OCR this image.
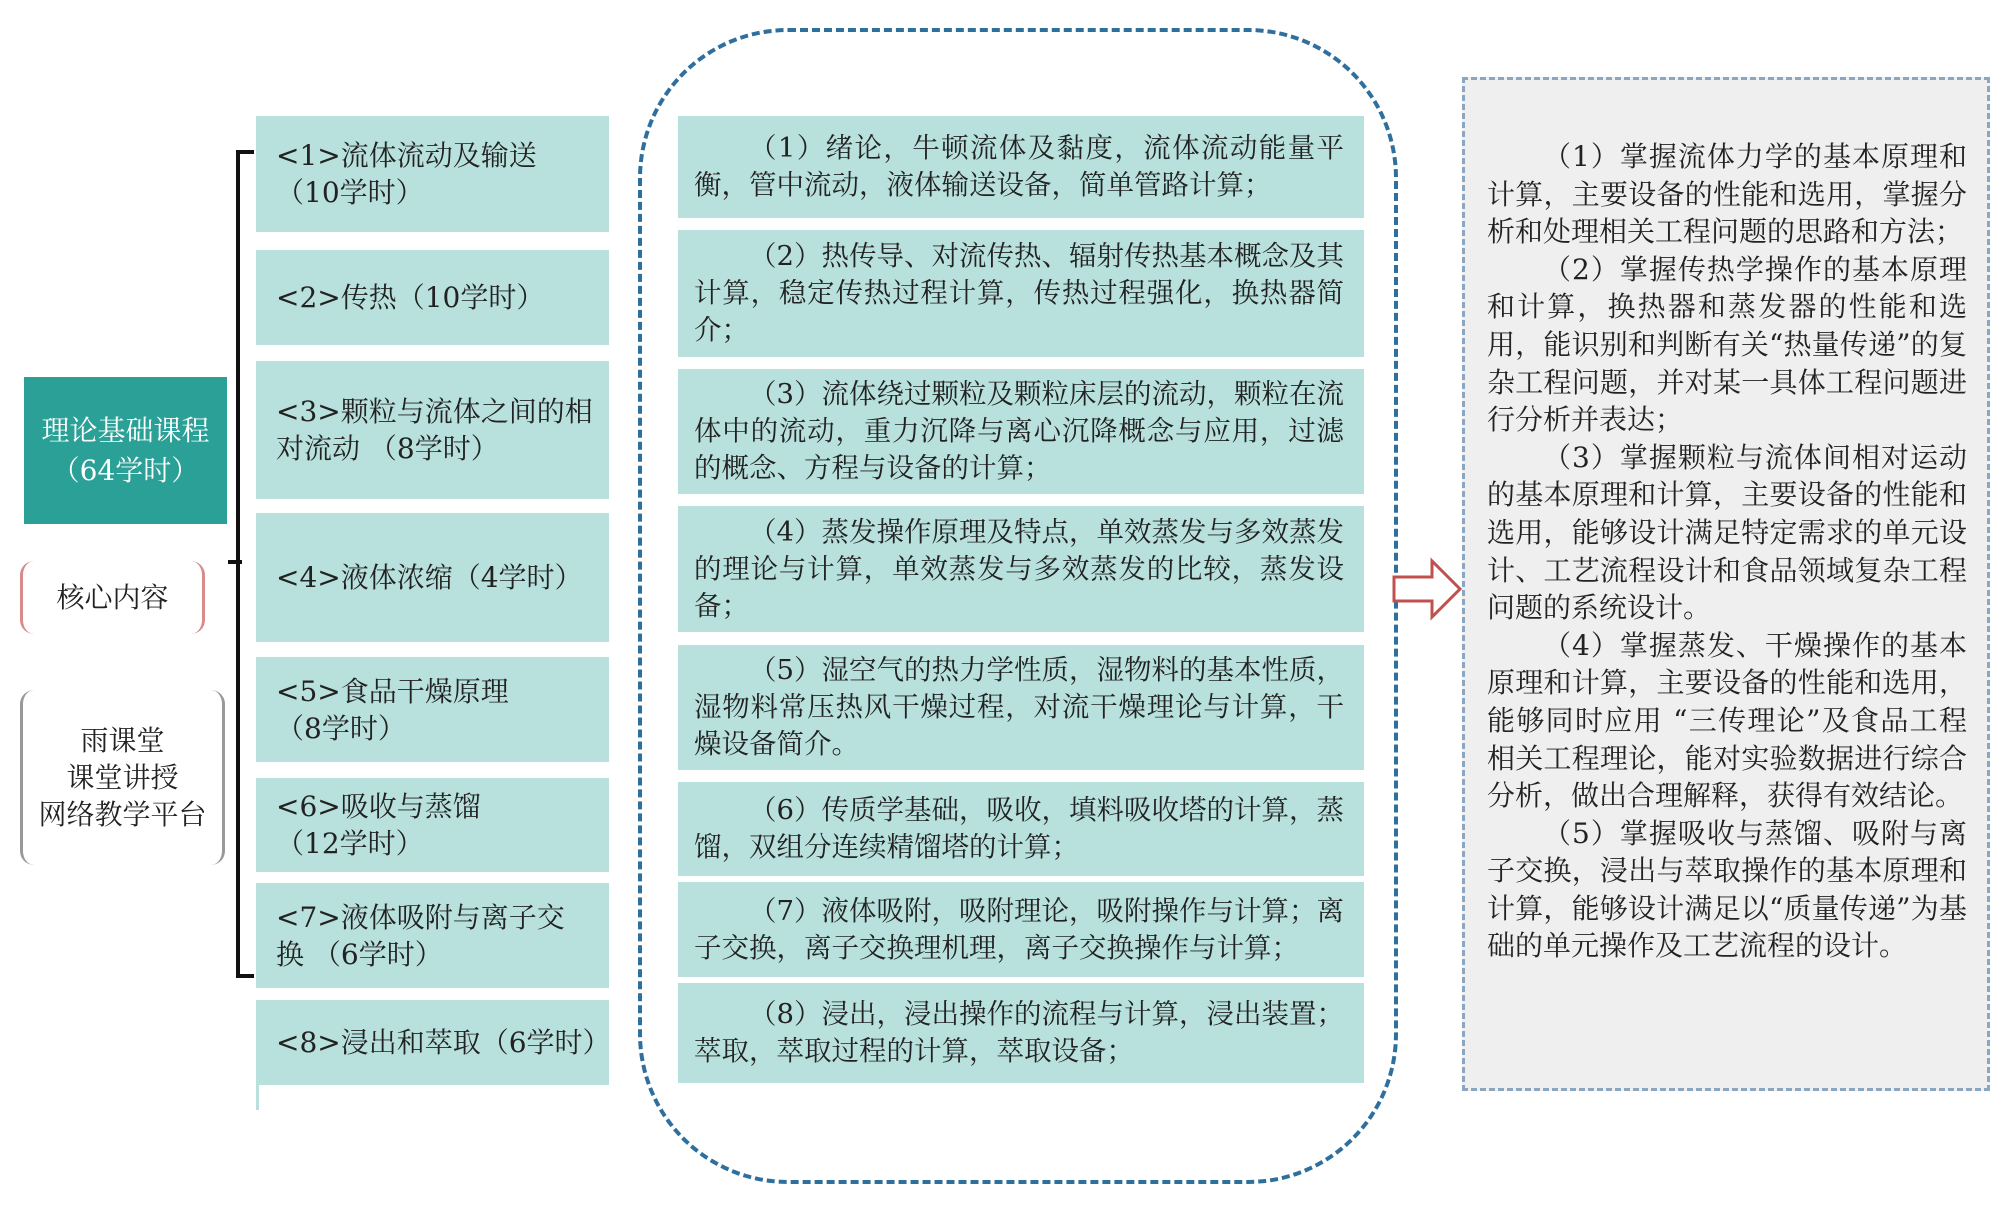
理论基础课程
（64学时）
核心内容
雨课堂
课堂讲授
网络教学平台
<1>流体流动及输送
（10学时）
<2>传热（10学时）
<3>颗粒与流体之间的相
对流动 （8学时）
<4>液体浓缩（4学时）
<5>食品干燥原理
（8学时）
<6>吸收与蒸馏
（12学时）
<7>液体吸附与离子交
换 （6学时）
<8>浸出和萃取（6学时）
（1）绪论，牛顿流体及黏度，流体流动能量平衡，管中流动，液体输送设备，简单管路计算；
（2）热传导、对流传热、辐射传热基本概念及其计算，稳定传热过程计算，传热过程强化，换热器简介；
（3）流体绕过颗粒及颗粒床层的流动，颗粒在流体中的流动，重力沉降与离心沉降概念与应用，过滤的概念、方程与设备的计算；
（4）蒸发操作原理及特点，单效蒸发与多效蒸发的理论与计算，单效蒸发与多效蒸发的比较，蒸发设备；
（5）湿空气的热力学性质，湿物料的基本性质，湿物料常压热风干燥过程，对流干燥理论与计算，干燥设备简介。
（6）传质学基础，吸收，填料吸收塔的计算，蒸馏，双组分连续精馏塔的计算；
（7）液体吸附，吸附理论，吸附操作与计算；离子交换，离子交换理机理，离子交换操作与计算；
（8）浸出，浸出操作的流程与计算，浸出装置；萃取，萃取过程的计算，萃取设备；

（1）掌握流体力学的基本原理和计算，主要设备的性能和选用，掌握分析和处理相关工程问题的思路和方法；

（2）掌握传热学操作的基本原理和计算，换热器和蒸发器的性能和选用，能识别和判断有关“热量传递”的复杂工程问题，并对某一具体工程问题进行分析并表达；

（3）掌握颗粒与流体间相对运动的基本原理和计算，主要设备的性能和选用，能够设计满足特定需求的单元设计、工艺流程设计和食品领域复杂工程问题的系统设计。

（4）掌握蒸发、干燥操作的基本原理和计算，主要设备的性能和选用，能够同时应用 “三传理论”及食品工程相关工程理论，能对实验数据进行综合分析，做出合理解释，获得有效结论。

（5）掌握吸收与蒸馏、吸附与离子交换，浸出与萃取操作的基本原理和计算，能够设计满足以“质量传递”为基础的单元操作及工艺流程的设计。
